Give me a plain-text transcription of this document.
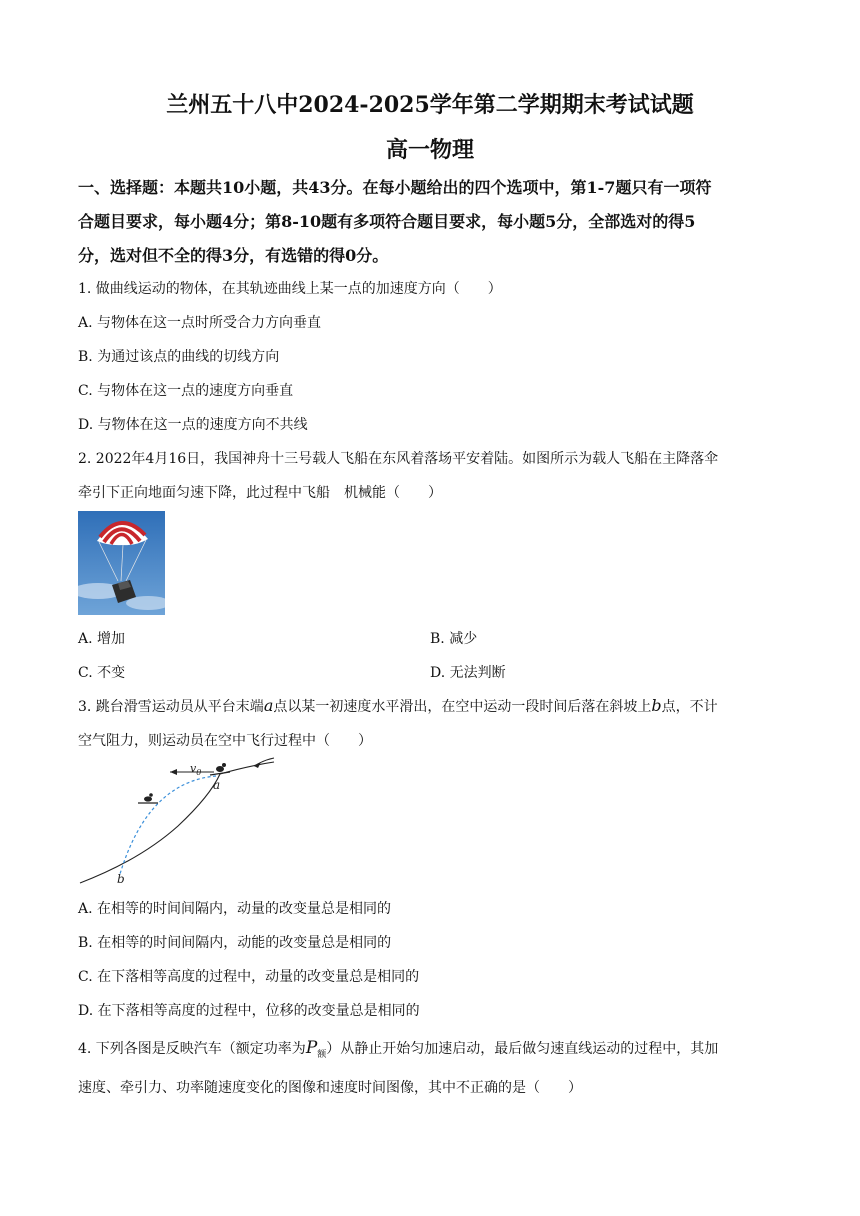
兰州五十八中2024-2025学年第二学期期末考试试题
高一物理
一、选择题：本题共10小题，共43分。在每小题给出的四个选项中，第1-7题只有一项符
合题目要求，每小题4分；第8-10题有多项符合题目要求，每小题5分，全部选对的得5
分，选对但不全的得3分，有选错的得0分。
1. 做曲线运动的物体，在其轨迹曲线上某一点的加速度方向（　　）
A. 与物体在这一点时所受合力方向垂直
B. 为通过该点的曲线的切线方向
C. 与物体在这一点的速度方向垂直
D. 与物体在这一点的速度方向不共线
2. 2022年4月16日，我国神舟十三号载人飞船在东风着落场平安着陆。如图所示为载人飞船在主降落伞
牵引下正向地面匀速下降，此过程中飞船　机械能（　　）
A. 增加	B. 减少
C. 不变	D. 无法判断
3. 跳台滑雪运动员从平台末端a点以某一初速度水平滑出，在空中运动一段时间后落在斜坡上b点，不计
空气阻力，则运动员在空中飞行过程中（　　）
$v_0$
a
b
A. 在相等的时间间隔内，动量的改变量总是相同的
B. 在相等的时间间隔内，动能的改变量总是相同的
C. 在下落相等高度的过程中，动量的改变量总是相同的
D. 在下落相等高度的过程中，位移的改变量总是相同的
4. 下列各图是反映汽车（额定功率为$P_额$）从静止开始匀加速启动，最后做匀速直线运动的过程中，其加
速度、牵引力、功率随速度变化的图像和速度时间图像，其中不正确的是（　　）
